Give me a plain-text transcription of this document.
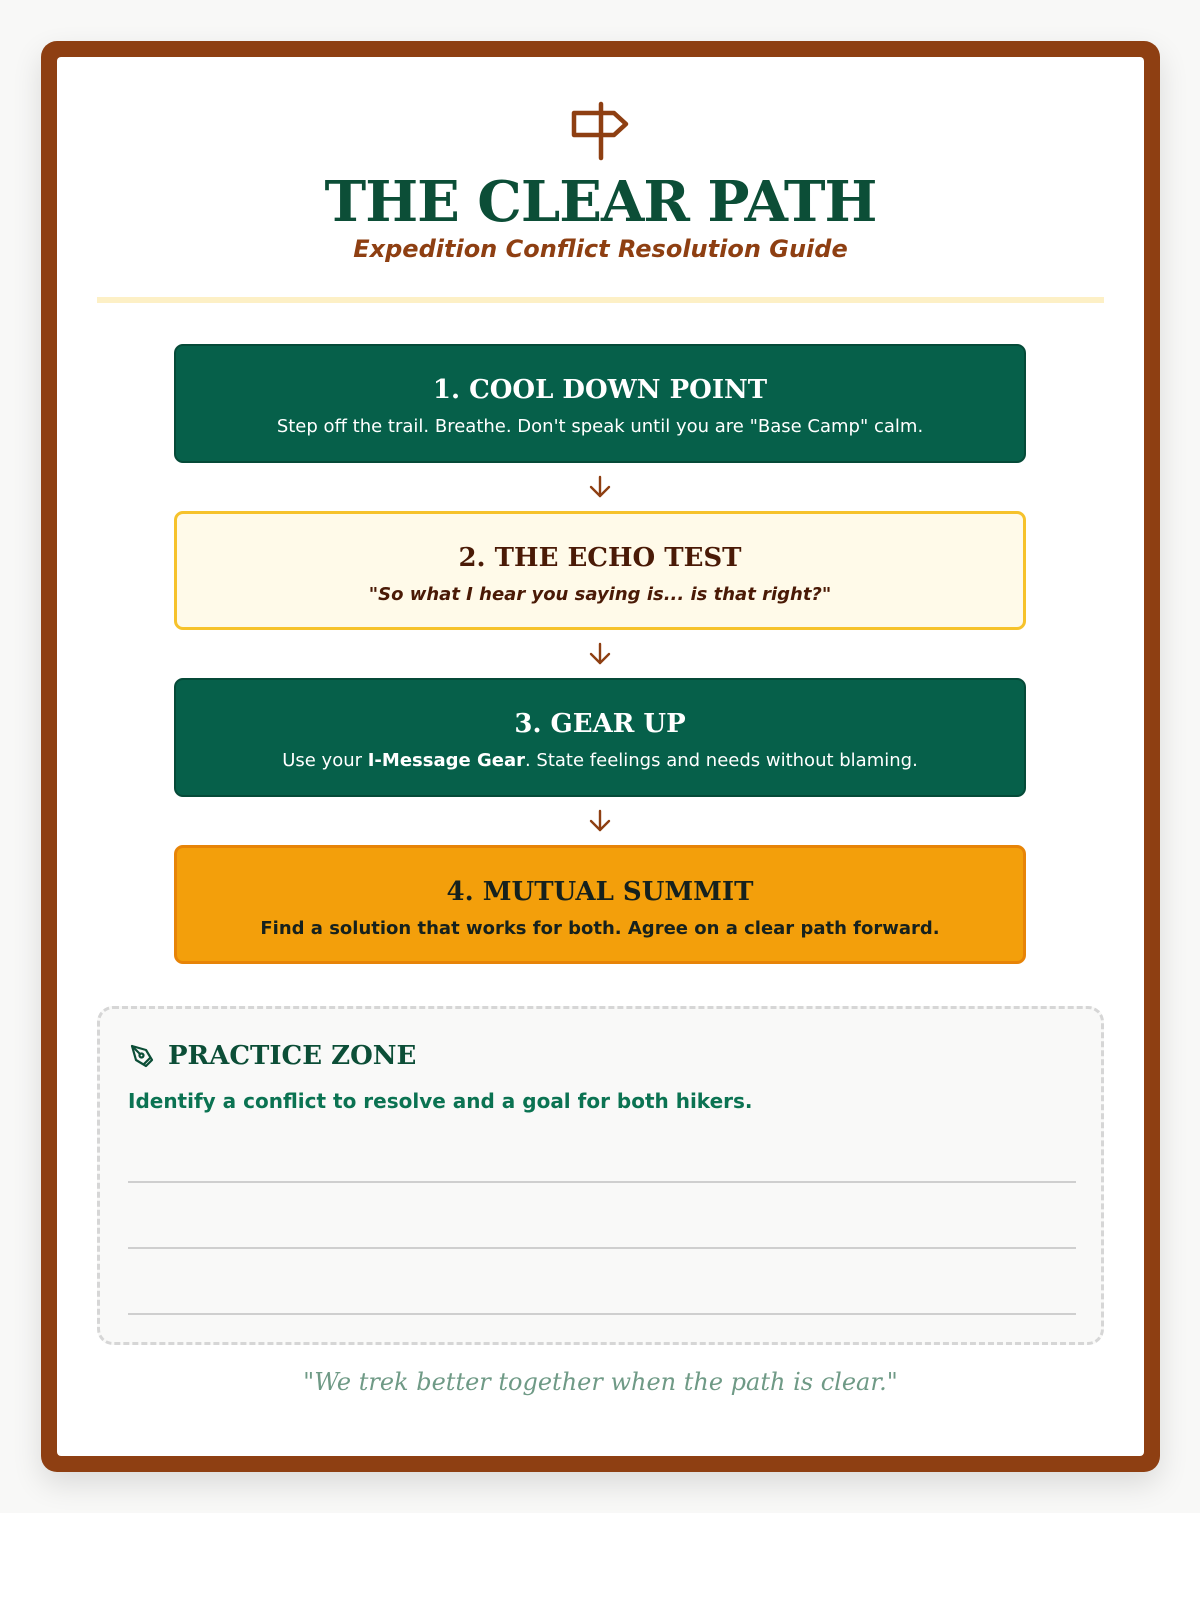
THE CLEAR PATH
Expedition Conflict Resolution Guide
1. COOL DOWN POINT
Step off the trail. Breathe. Don't speak until you are "Base Camp" calm.
2. THE ECHO TEST
"So what I hear you saying is... is that right?"
3. GEAR UP
Use your I-Message Gear. State feelings and needs without blaming.
4. MUTUAL SUMMIT
Find a solution that works for both. Agree on a clear path forward.
PRACTICE ZONE
Identify a conflict to resolve and a goal for both hikers.
"We trek better together when the path is clear."
